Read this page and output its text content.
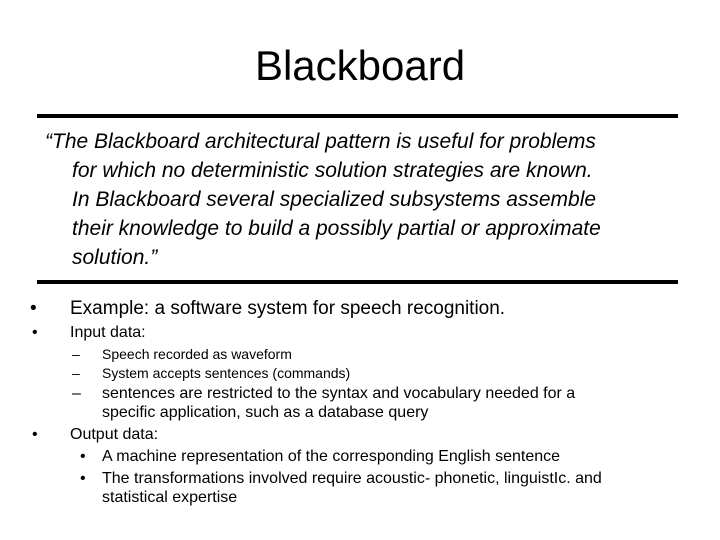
Blackboard
“The Blackboard architectural pattern is useful for problems
for which no deterministic solution strategies are known.
In Blackboard several specialized subsystems assemble
their knowledge to build a possibly partial or approximate
solution.”
• Example: a software system for speech recognition.
• Input data:
– Speech recorded as waveform
– System accepts sentences (commands)
– sentences are restricted to the syntax and vocabulary needed for a
specific application, such as a database query
• Output data:
• A machine representation of the corresponding English sentence
• The transformations involved require acoustic- phonetic, linguistIc. and
statistical expertise
